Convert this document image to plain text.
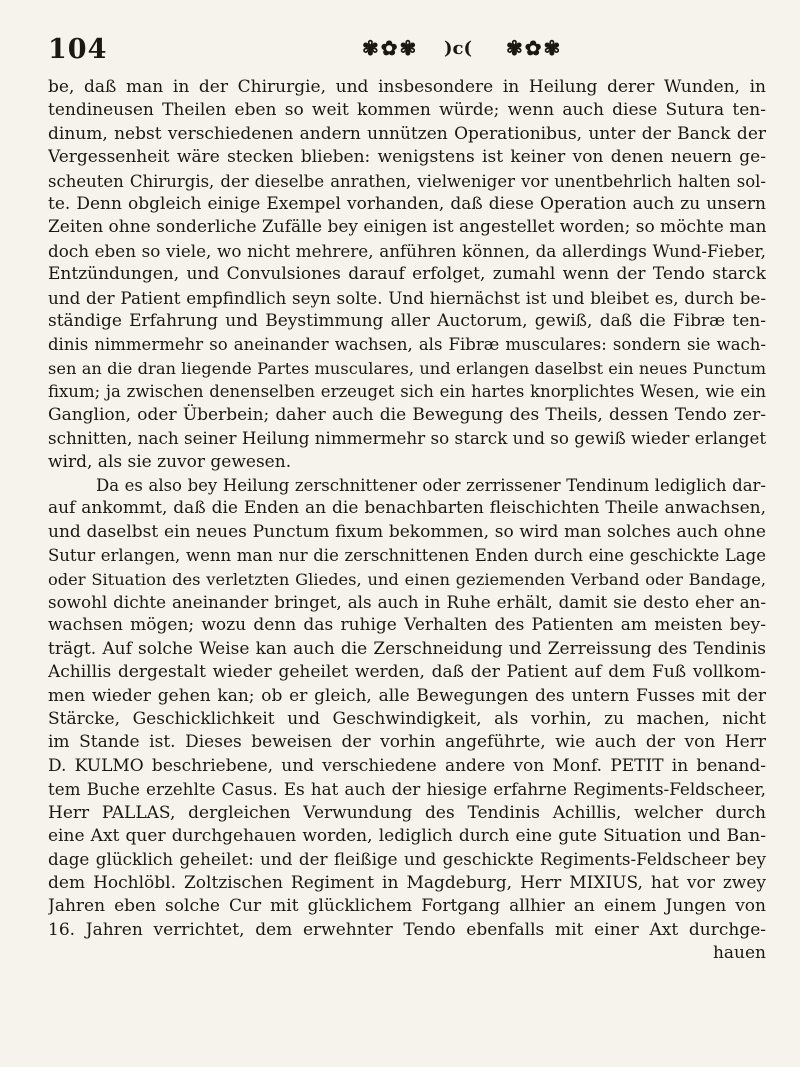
104	✾✿✾ )c( ✾✿✾
be, daß man in der Chirurgie, und insbesondere in Heilung derer Wunden, in
tendineusen Theilen eben so weit kommen würde; wenn auch diese Sutura ten-
dinum, nebst verschiedenen andern unnützen Operationibus, unter der Banck der
Vergessenheit wäre stecken blieben: wenigstens ist keiner von denen neuern ge-
scheuten Chirurgis, der dieselbe anrathen, vielweniger vor unentbehrlich halten sol-
te. Denn obgleich einige Exempel vorhanden, daß diese Operation auch zu unsern
Zeiten ohne sonderliche Zufälle bey einigen ist angestellet worden; so möchte man
doch eben so viele, wo nicht mehrere, anführen können, da allerdings Wund-Fieber,
Entzündungen, und Convulsiones darauf erfolget, zumahl wenn der Tendo starck
und der Patient empfindlich seyn solte. Und hiernächst ist und bleibet es, durch be-
ständige Erfahrung und Beystimmung aller Auctorum, gewiß, daß die Fibræ ten-
dinis nimmermehr so aneinander wachsen, als Fibræ musculares: sondern sie wach-
sen an die dran liegende Partes musculares, und erlangen daselbst ein neues Punctum
fixum; ja zwischen denenselben erzeuget sich ein hartes knorplichtes Wesen, wie ein
Ganglion, oder Überbein; daher auch die Bewegung des Theils, dessen Tendo zer-
schnitten, nach seiner Heilung nimmermehr so starck und so gewiß wieder erlanget
wird, als sie zuvor gewesen.
Da es also bey Heilung zerschnittener oder zerrissener Tendinum lediglich dar-
auf ankommt, daß die Enden an die benachbarten fleischichten Theile anwachsen,
und daselbst ein neues Punctum fixum bekommen, so wird man solches auch ohne
Sutur erlangen, wenn man nur die zerschnittenen Enden durch eine geschickte Lage
oder Situation des verletzten Gliedes, und einen geziemenden Verband oder Bandage,
sowohl dichte aneinander bringet, als auch in Ruhe erhält, damit sie desto eher an-
wachsen mögen; wozu denn das ruhige Verhalten des Patienten am meisten bey-
trägt. Auf solche Weise kan auch die Zerschneidung und Zerreissung des Tendinis
Achillis dergestalt wieder geheilet werden, daß der Patient auf dem Fuß vollkom-
men wieder gehen kan; ob er gleich, alle Bewegungen des untern Fusses mit der
Stärcke, Geschicklichkeit und Geschwindigkeit, als vorhin, zu machen, nicht
im Stande ist. Dieses beweisen der vorhin angeführte, wie auch der von Herr
D. KULMO beschriebene, und verschiedene andere von Monf. PETIT in benand-
tem Buche erzehlte Casus. Es hat auch der hiesige erfahrne Regiments-Feldscheer,
Herr PALLAS, dergleichen Verwundung des Tendinis Achillis, welcher durch
eine Axt quer durchgehauen worden, lediglich durch eine gute Situation und Ban-
dage glücklich geheilet: und der fleißige und geschickte Regiments-Feldscheer bey
dem Hochlöbl. Zoltzischen Regiment in Magdeburg, Herr MIXIUS, hat vor zwey
Jahren eben solche Cur mit glücklichem Fortgang allhier an einem Jungen von
16. Jahren verrichtet, dem erwehnter Tendo ebenfalls mit einer Axt durchge-
hauen
